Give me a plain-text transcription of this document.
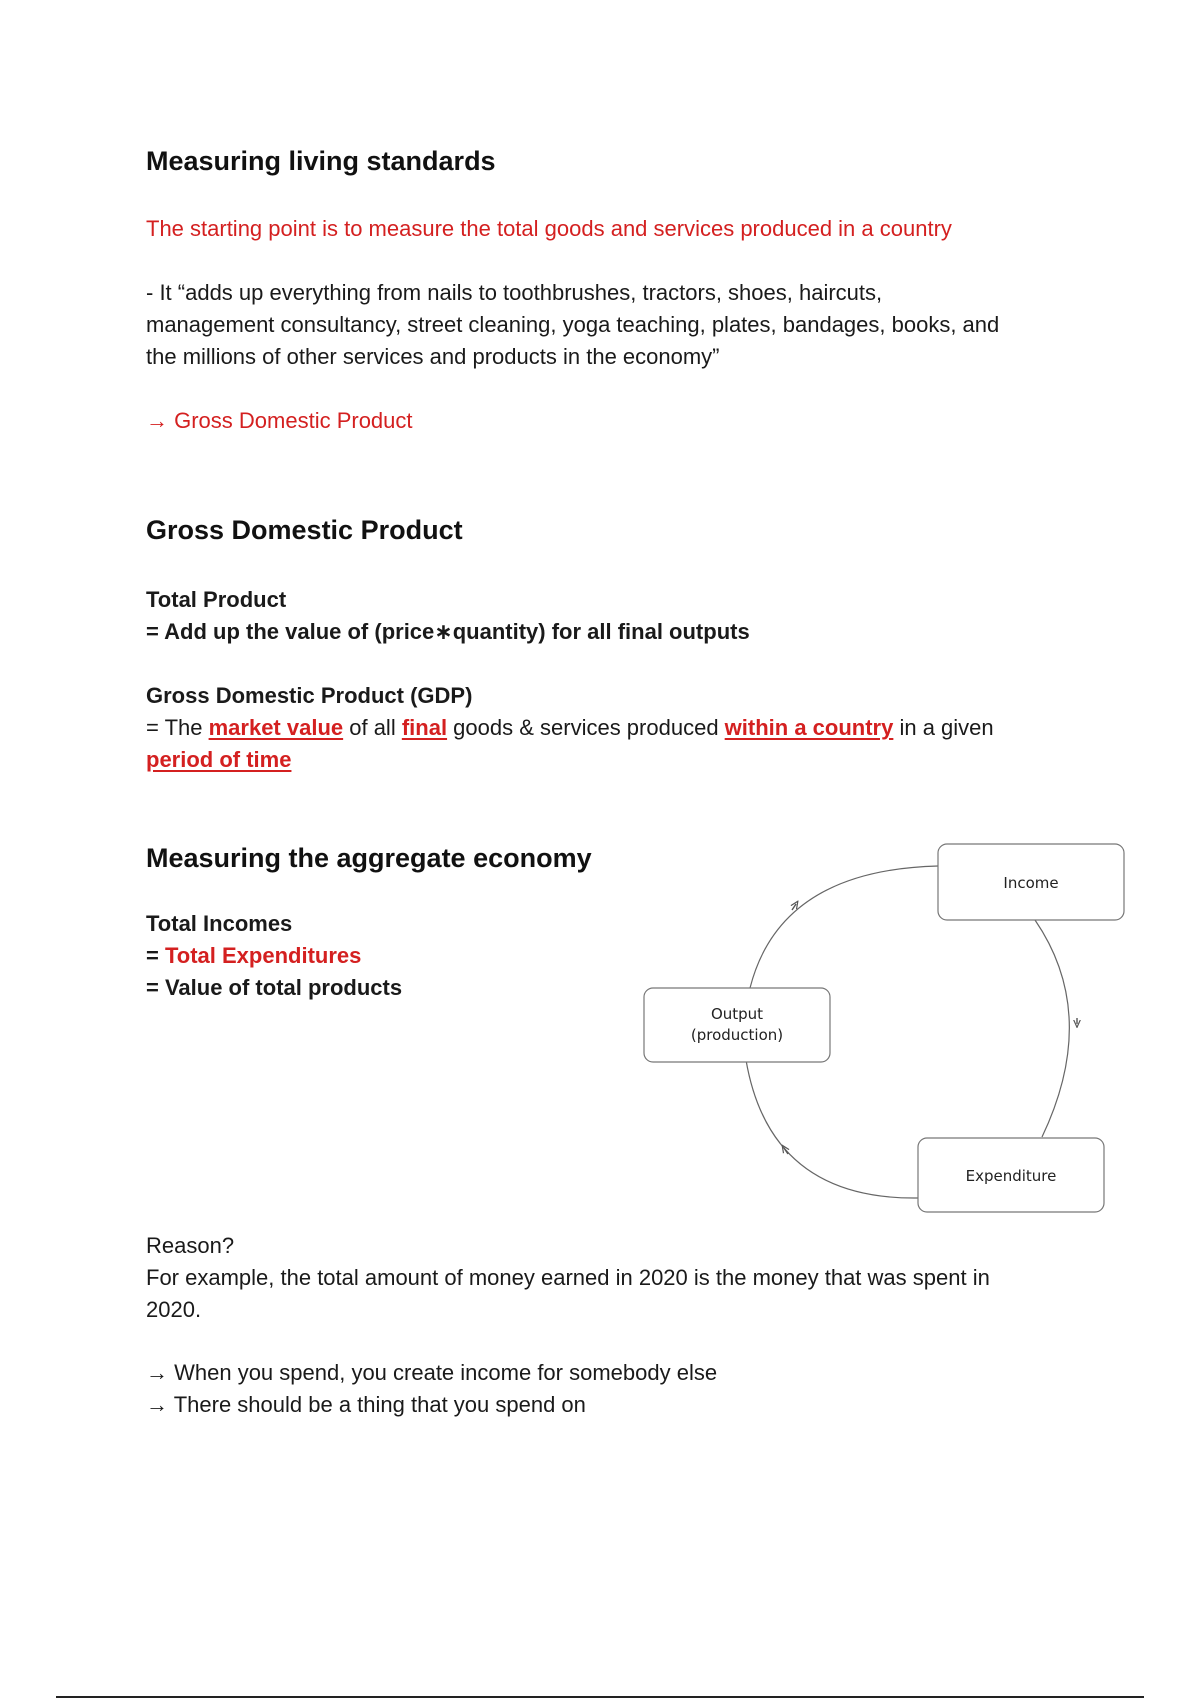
Measuring living standards

The starting point is to measure the total goods and services produced in a country

- It “adds up everything from nails to toothbrushes, tractors, shoes, haircuts,
management consultancy, street cleaning, yoga teaching, plates, bandages, books, and
the millions of other services and products in the economy”

→ Gross Domestic Product

Gross Domestic Product
Total Product
= Add up the value of (price∗quantity) for all final outputs
Gross Domestic Product (GDP)
= The market value of all final goods & services produced within a country in a given
period of time
Measuring the aggregate economy
Total Incomes
= Total Expenditures
= Value of total products
Income
Output
(production)
Expenditure
Reason?
For example, the total amount of money earned in 2020 is the money that was spent in
2020.
→ When you spend, you create income for somebody else
→ There should be a thing that you spend on
